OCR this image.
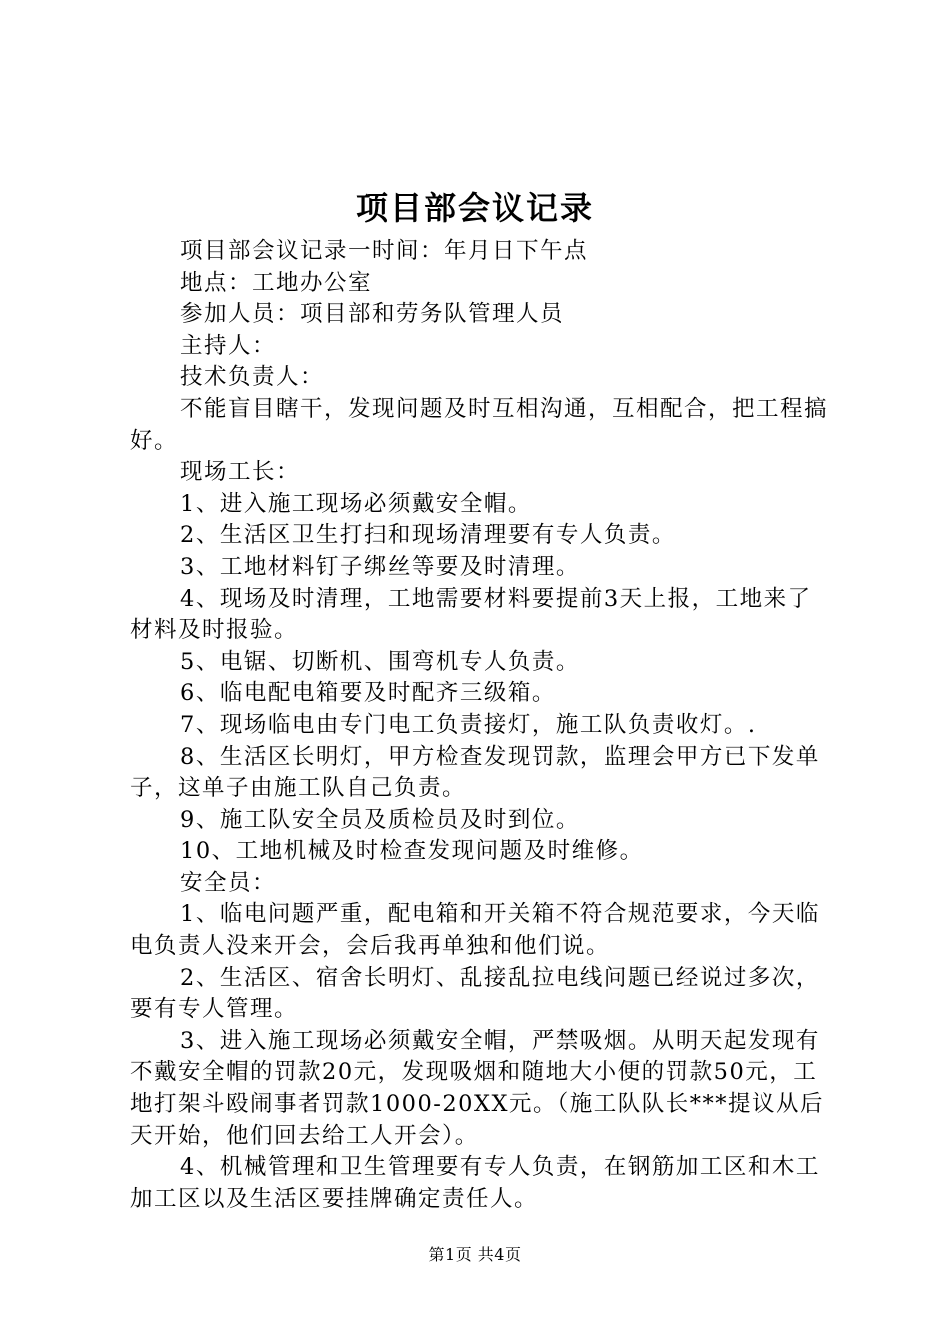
项目部会议记录

项目部会议记录一时间：年月日下午点

地点：工地办公室

参加人员：项目部和劳务队管理人员

主持人：

技术负责人：

不能盲目瞎干，发现问题及时互相沟通，互相配合，把工程搞好。

现场工长：

1、进入施工现场必须戴安全帽。

2、生活区卫生打扫和现场清理要有专人负责。

3、工地材料钉子绑丝等要及时清理。

4、现场及时清理，工地需要材料要提前3天上报，工地来了材料及时报验。

5、电锯、切断机、围弯机专人负责。

6、临电配电箱要及时配齐三级箱。

7、现场临电由专门电工负责接灯，施工队负责收灯。.

8、生活区长明灯，甲方检查发现罚款，监理会甲方已下发单子，这单子由施工队自己负责。

9、施工队安全员及质检员及时到位。

10、工地机械及时检查发现问题及时维修。

安全员：

1、临电问题严重，配电箱和开关箱不符合规范要求，今天临电负责人没来开会，会后我再单独和他们说。

2、生活区、宿舍长明灯、乱接乱拉电线问题已经说过多次，要有专人管理。

3、进入施工现场必须戴安全帽，严禁吸烟。从明天起发现有不戴安全帽的罚款20元，发现吸烟和随地大小便的罚款50元，工地打架斗殴闹事者罚款1000-20XX元。（施工队队长***提议从后天开始，他们回去给工人开会）。

4、机械管理和卫生管理要有专人负责，在钢筋加工区和木工加工区以及生活区要挂牌确定责任人。

第1页 共4页
